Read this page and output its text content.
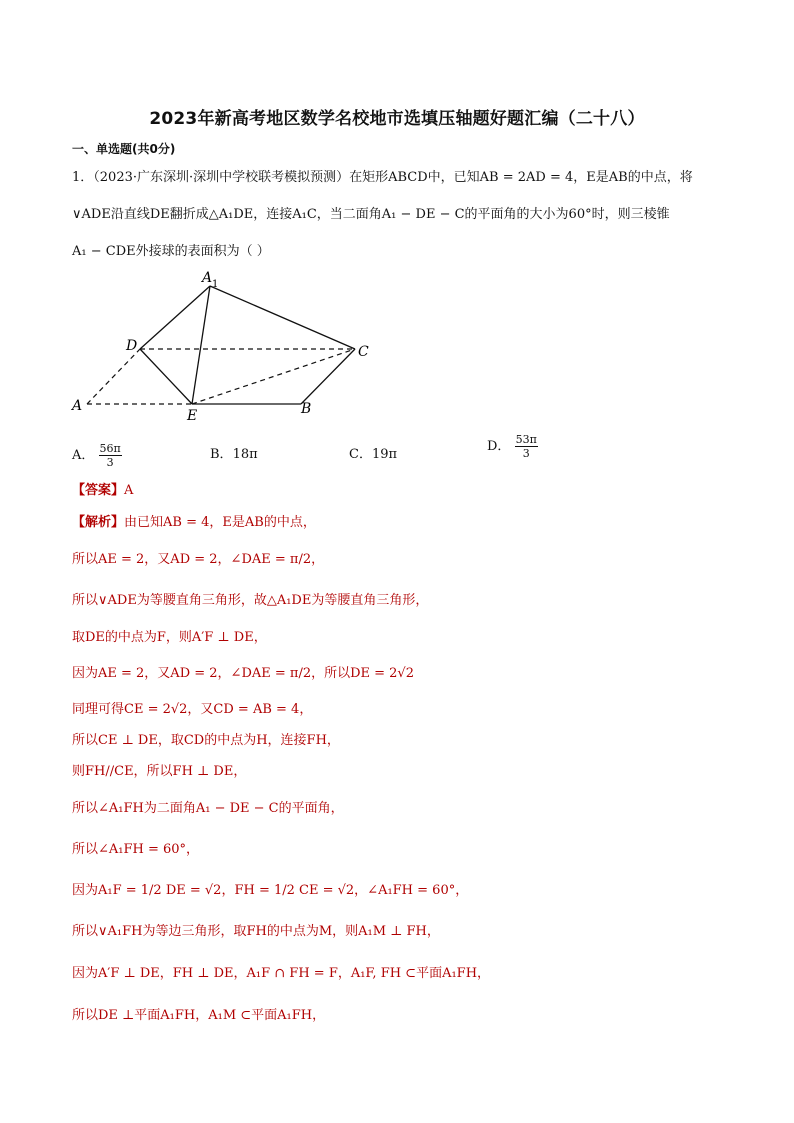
2023年新高考地区数学名校地市选填压轴题好题汇编（二十八）
一、单选题(共0分)
1．（2023·广东深圳·深圳中学校联考模拟预测）在矩形ABCD中，已知AB = 2AD = 4，E是AB的中点，将
∨ADE沿直线DE翻折成△A₁DE，连接A₁C，当二面角A₁ − DE − C的平面角的大小为60°时，则三棱锥
A₁ − CDE外接球的表面积为（ ）
A 1
D	C
A
E	B
A． $\frac{56\pi}{3}$	B．18π	C．19π
D． $\frac{53\pi}{3}$
【答案】A
【解析】由已知AB = 4，E是AB的中点，
所以AE = 2，又AD = 2，∠DAE = π/2，
所以∨ADE为等腰直角三角形，故△A₁DE为等腰直角三角形，
取DE的中点为F，则A′F ⊥ DE，
因为AE = 2，又AD = 2，∠DAE = π/2，所以DE = 2√2
同理可得CE = 2√2，又CD = AB = 4，
所以CE ⊥ DE，取CD的中点为H，连接FH，
则FH//CE，所以FH ⊥ DE，
所以∠A₁FH为二面角A₁ − DE − C的平面角，
所以∠A₁FH = 60°，
因为A₁F = 1/2 DE = √2，FH = 1/2 CE = √2，∠A₁FH = 60°，
所以∨A₁FH为等边三角形，取FH的中点为M，则A₁M ⊥ FH，
因为A′F ⊥ DE，FH ⊥ DE，A₁F ∩ FH = F，A₁F, FH ⊂平面A₁FH，
所以DE ⊥平面A₁FH，A₁M ⊂平面A₁FH，
